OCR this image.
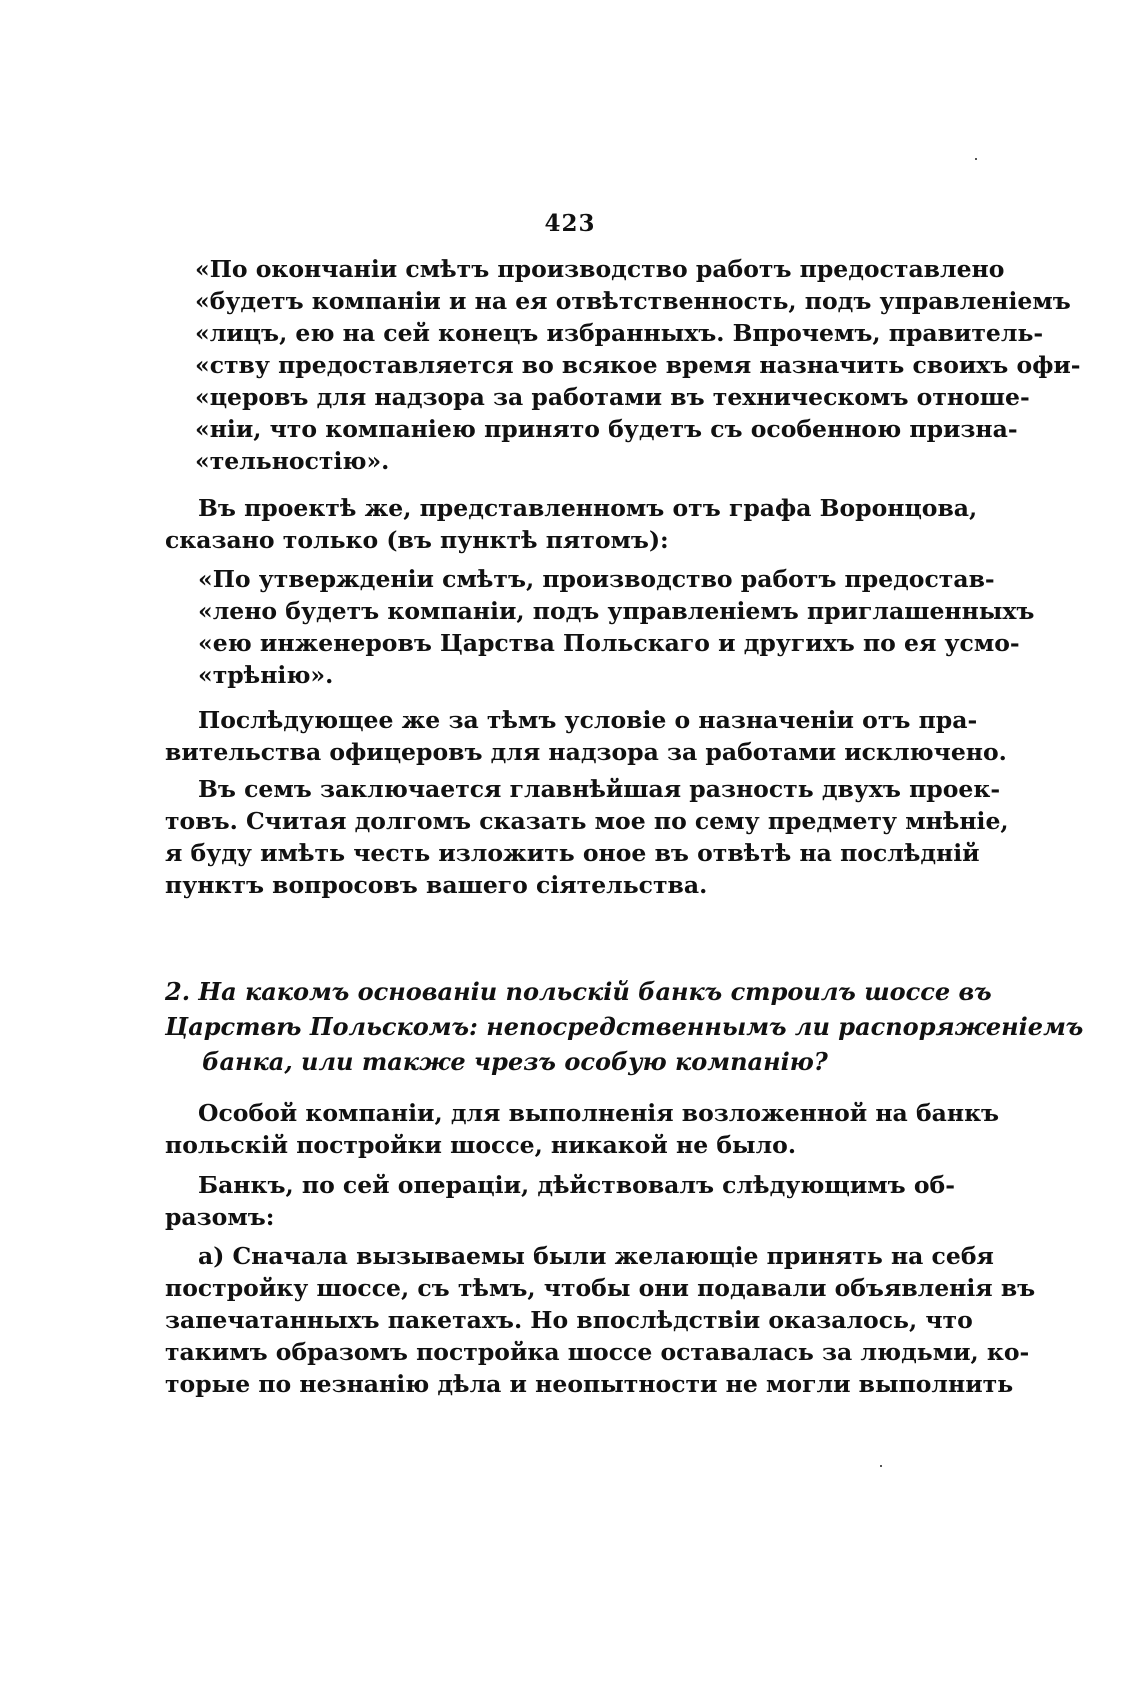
423
«По окончаніи смѣтъ производство работъ предоставлено
«будетъ компаніи и на ея отвѣтственность, подъ управленіемъ
«лицъ, ею на сей конецъ избранныхъ. Впрочемъ, правитель-
«ству предоставляется во всякое время назначить своихъ офи-
«церовъ для надзора за работами въ техническомъ отноше-
«ніи, что компаніею принято будетъ съ особенною призна-
«тельностію».
Въ проектѣ же, представленномъ отъ графа Воронцова,
сказано только (въ пунктѣ пятомъ):
«По утвержденіи смѣтъ, производство работъ предостав-
«лено будетъ компаніи, подъ управленіемъ приглашенныхъ
«ею инженеровъ Царства Польскаго и другихъ по ея усмо-
«трѣнію».
Послѣдующее же за тѣмъ условіе о назначеніи отъ пра-
вительства офицеровъ для надзора за работами исключено.
Въ семъ заключается главнѣйшая разность двухъ проек-
товъ. Считая долгомъ сказать мое по сему предмету мнѣніе,
я буду имѣть честь изложить оное въ отвѣтѣ на послѣдній
пунктъ вопросовъ вашего сіятельства.
2. На какомъ основаніи польскій банкъ строилъ шоссе въ
Царствѣ Польскомъ: непосредственнымъ ли распоряженіемъ
банка, или также чрезъ особую компанію?
Особой компаніи, для выполненія возложенной на банкъ
польскій постройки шоссе, никакой не было.
Банкъ, по сей операціи, дѣйствовалъ слѣдующимъ об-
разомъ:
а) Сначала вызываемы были желающіе принять на себя
постройку шоссе, съ тѣмъ, чтобы они подавали объявленія въ
запечатанныхъ пакетахъ. Но впослѣдствіи оказалось, что
такимъ образомъ постройка шоссе оставалась за людьми, ко-
торые по незнанію дѣла и неопытности не могли выполнить
